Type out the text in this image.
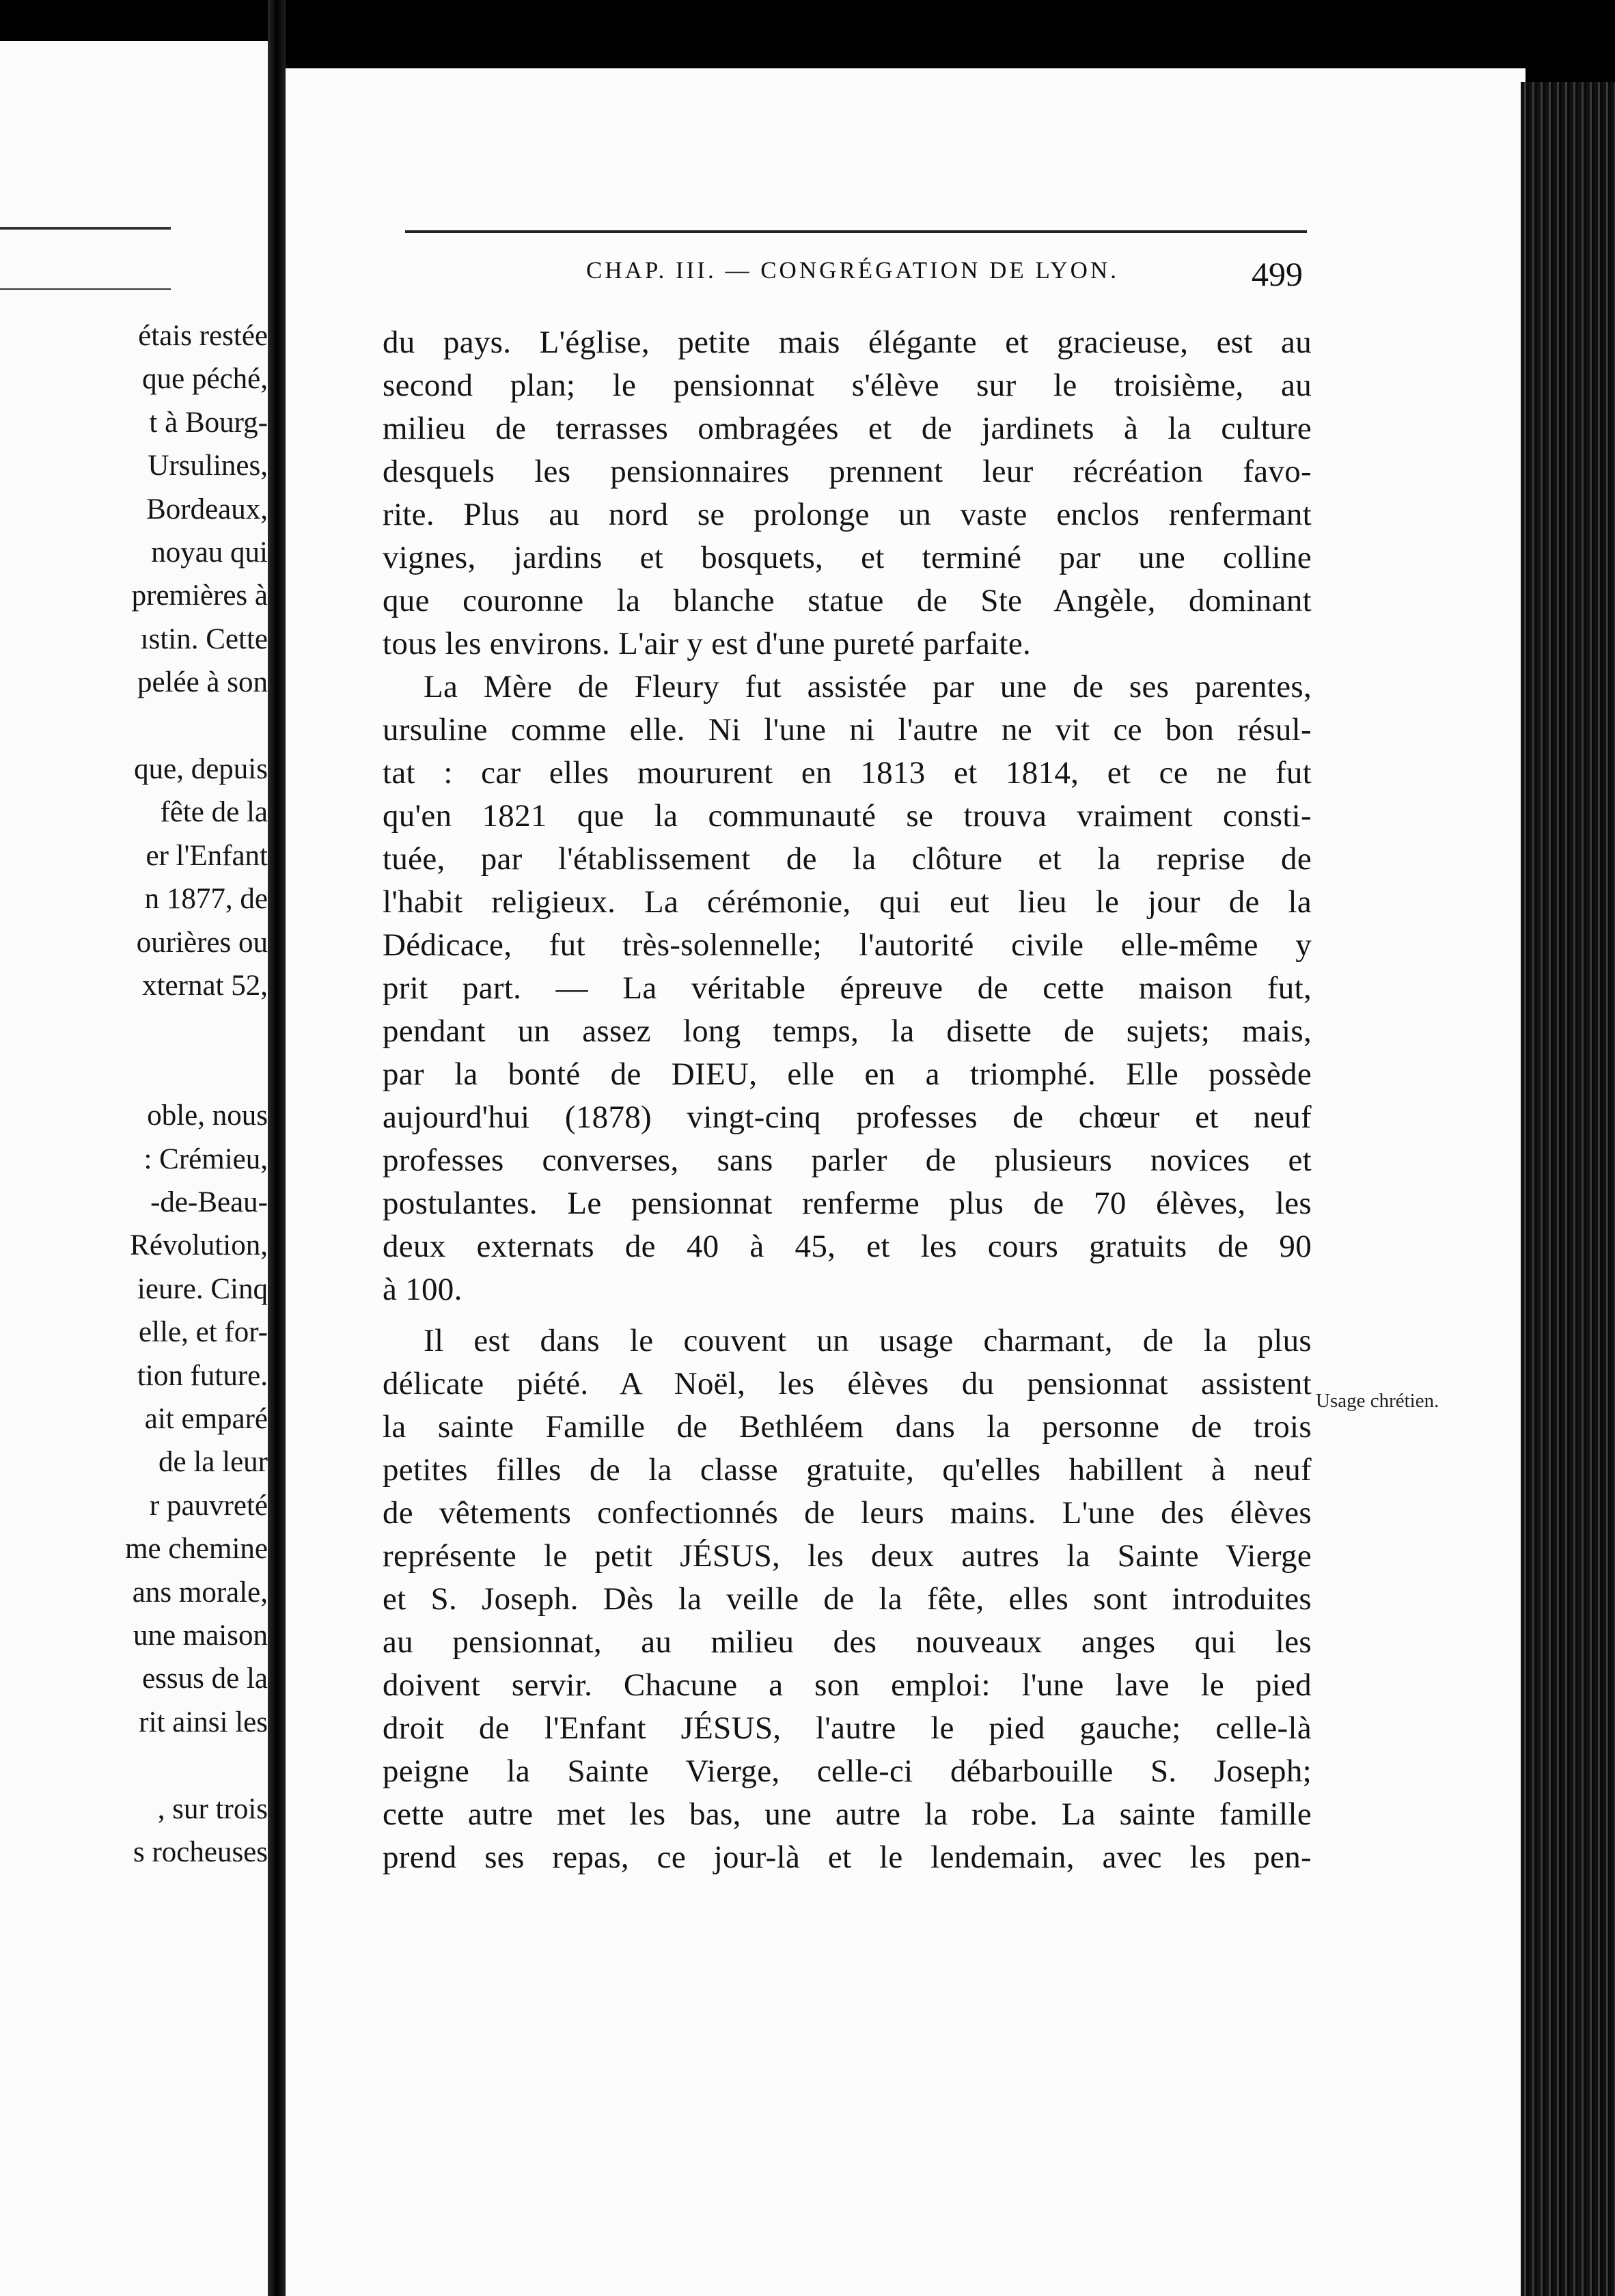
étais restée
que péché,
t à Bourg-
Ursulines,
Bordeaux,
noyau qui
premières à
ıstin. Cette
pelée à son
que, depuis
fête de la
er l'Enfant
n 1877, de
ourières ou
xternat 52,
oble, nous
: Crémieu,
-de-Beau-
Révolution,
ieure. Cinq
elle, et for-
tion future.
ait emparé
de la leur
r pauvreté
me chemine
ans morale,
une maison
essus de la
rit ainsi les
, sur trois
s rocheuses
CHAP. III. — CONGRÉGATION DE LYON.	499
du pays. L'église, petite mais élégante et gracieuse, est au
second plan; le pensionnat s'élève sur le troisième, au
milieu de terrasses ombragées et de jardinets à la culture
desquels les pensionnaires prennent leur récréation favo-
rite. Plus au nord se prolonge un vaste enclos renfermant
vignes, jardins et bosquets, et terminé par une colline
que couronne la blanche statue de Ste Angèle, dominant
tous les environs. L'air y est d'une pureté parfaite.
La Mère de Fleury fut assistée par une de ses parentes,
ursuline comme elle. Ni l'une ni l'autre ne vit ce bon résul-
tat : car elles moururent en 1813 et 1814, et ce ne fut
qu'en 1821 que la communauté se trouva vraiment consti-
tuée, par l'établissement de la clôture et la reprise de
l'habit religieux. La cérémonie, qui eut lieu le jour de la
Dédicace, fut très-solennelle; l'autorité civile elle-même y
prit part. — La véritable épreuve de cette maison fut,
pendant un assez long temps, la disette de sujets; mais,
par la bonté de DIEU, elle en a triomphé. Elle possède
aujourd'hui (1878) vingt-cinq professes de chœur et neuf
professes converses, sans parler de plusieurs novices et
postulantes. Le pensionnat renferme plus de 70 élèves, les
deux externats de 40 à 45, et les cours gratuits de 90
à 100.
Il est dans le couvent un usage charmant, de la plus
délicate piété. A Noël, les élèves du pensionnat assistent
la sainte Famille de Bethléem dans la personne de trois
petites filles de la classe gratuite, qu'elles habillent à neuf
de vêtements confectionnés de leurs mains. L'une des élèves
représente le petit JÉSUS, les deux autres la Sainte Vierge
et S. Joseph. Dès la veille de la fête, elles sont introduites
au pensionnat, au milieu des nouveaux anges qui les
doivent servir. Chacune a son emploi: l'une lave le pied
droit de l'Enfant JÉSUS, l'autre le pied gauche; celle-là
peigne la Sainte Vierge, celle-ci débarbouille S. Joseph;
cette autre met les bas, une autre la robe. La sainte famille
prend ses repas, ce jour-là et le lendemain, avec les pen-
Usage chrétien.
